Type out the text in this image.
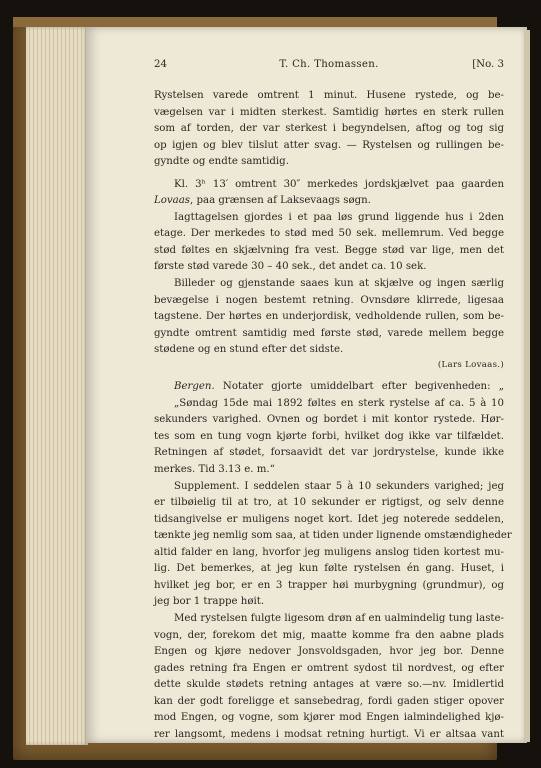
24	T. Ch. Thomassen.	[No. 3

Rystelsen varede omtrent 1 minut. Husene rystede, og be-
vægelsen var i midten sterkest. Samtidig hørtes en sterk rullen
som af torden, der var sterkest i begyndelsen, aftog og tog sig
op igjen og blev tilslut atter svag. — Rystelsen og rullingen be-
gyndte og endte samtidig.

Kl. 3ʰ 13′ omtrent 30″ merkedes jordskjælvet paa gaarden
Lovaas, paa grænsen af Laksevaags søgn.

Iagttagelsen gjordes i et paa løs grund liggende hus i 2den
etage. Der merkedes to stød med 50 sek. mellemrum. Ved begge
stød føltes en skjælvning fra vest. Begge stød var lige, men det
første stød varede 30 – 40 sek., det andet ca. 10 sek.

Billeder og gjenstande saaes kun at skjælve og ingen særlig
bevægelse i nogen bestemt retning. Ovnsdøre klirrede, ligesaa
tagstene. Der hørtes en underjordisk, vedholdende rullen, som be-
gyndte omtrent samtidig med første stød, varede mellem begge
stødene og en stund efter det sidste.

(Lars Lovaas.)

Bergen. Notater gjorte umiddelbart efter begivenheden: „
„Søndag 15de mai 1892 føltes en sterk rystelse af ca. 5 à 10
sekunders varighed. Ovnen og bordet i mit kontor rystede. Hør-
tes som en tung vogn kjørte forbi, hvilket dog ikke var tilfældet.
Retningen af stødet, forsaavidt det var jordrystelse, kunde ikke
merkes. Tid 3.13 e. m.“

Supplement. I seddelen staar 5 à 10 sekunders varighed; jeg
er tilbøielig til at tro, at 10 sekunder er rigtigst, og selv denne
tidsangivelse er muligens noget kort. Idet jeg noterede seddelen,
tænkte jeg nemlig som saa, at tiden under lignende omstændigheder
altid falder en lang, hvorfor jeg muligens anslog tiden kortest mu-
lig. Det bemerkes, at jeg kun følte rystelsen én gang. Huset, i
hvilket jeg bor, er en 3 trapper høi murbygning (grundmur), og
jeg bor 1 trappe høit.

Med rystelsen fulgte ligesom drøn af en ualmindelig tung laste-
vogn, der, forekom det mig, maatte komme fra den aabne plads
Engen og kjøre nedover Jonsvoldsgaden, hvor jeg bor. Denne
gades retning fra Engen er omtrent sydost til nordvest, og efter
dette skulde stødets retning antages at være so.—nv. Imidlertid
kan der godt foreligge et sansebedrag, fordi gaden stiger opover
mod Engen, og vogne, som kjører mod Engen ialmindelighed kjø-
rer langsomt, medens i modsat retning hurtigt. Vi er altsaa vant
